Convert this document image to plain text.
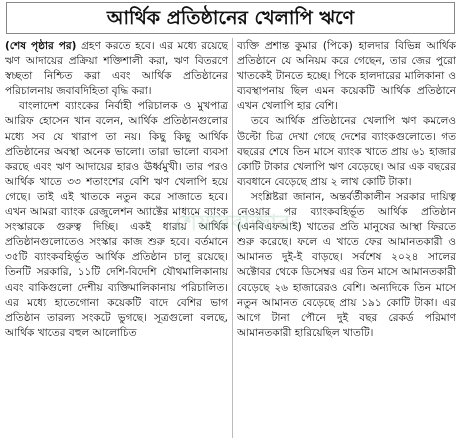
আর্থিক প্রতিষ্ঠানের খেলাপি ঋণে

(শেষ পৃষ্ঠার পর) গ্রহণ করতে হবে। এর মধ্যে রয়েছে ঋণ আদায়ের প্রক্রিয়া শক্তিশালী করা, ঋণ বিতরণে স্বচ্ছতা নিশ্চিত করা এবং আর্থিক প্রতিষ্ঠানের পরিচালনায় জবাবদিহিতা বৃদ্ধি করা।

বাংলাদেশ ব্যাংকের নির্বাহী পরিচালক ও মুখপাত্র আরিফ হোসেন খান বলেন, আর্থিক প্রতিষ্ঠানগুলোর মধ্যে সব যে খারাপ তা নয়। কিছু কিছু আর্থিক প্রতিষ্ঠানের অবস্থা অনেক ভালো। তারা ভালো ব্যবসা করছে এবং ঋণ আদায়ের হারও ঊর্ধ্বমুখী। তার পরও আর্থিক খাতে ৩৩ শতাংশের বেশি ঋণ খেলাপি হয়ে গেছে। তাই এই খাতকে নতুন করে সাজাতে হবে। এখন আমরা ব্যাংক রেজুলেশন অ্যাক্টের মাধ্যমে ব্যাংক সংস্কারকে গুরুত্ব দিচ্ছি। একই ধারায় আর্থিক প্রতিষ্ঠানগুলোতেও সংস্কার কাজ শুরু হবে। বর্তমানে ৩৫টি ব্যাংকবহির্ভূত আর্থিক প্রতিষ্ঠান চালু রয়েছে। তিনটি সরকারি, ১১টি দেশি-বিদেশি যৌথমালিকানায় এবং বাকিগুলো দেশীয় ব্যক্তিমালিকানায় পরিচালিত। এর মধ্যে হাতেগোনা কয়েকটি বাদে বেশির ভাগ প্রতিষ্ঠান তারল্য সংকটে ভুগছে। সূত্রগুলো বলছে, আর্থিক খাতের বহুল আলোচিত

ব্যক্তি প্রশান্ত কুমার (পিকে) হালদার বিভিন্ন আর্থিক প্রতিষ্ঠানে যে অনিয়ম করে গেছেন, তার জের পুরো খাতকেই টানতে হচ্ছে। পিকে হালদারের মালিকানা ও ব্যবস্থাপনায় ছিল এমন কয়েকটি আর্থিক প্রতিষ্ঠানে এখন খেলাপি হার বেশি।

তবে আর্থিক প্রতিষ্ঠানের খেলাপি ঋণ কমলেও উল্টো চিত্র দেখা গেছে দেশের ব্যাংকগুলোতে। গত বছরের শেষে তিন মাসে ব্যাংক খাতে প্রায় ৬১ হাজার কোটি টাকার খেলাপি ঋণ বেড়েছে। আর এক বছরের ব্যবধানে বেড়েছে প্রায় ২ লাখ কোটি টাকা।

সংশ্লিষ্টরা জানান, অন্তর্বর্তীকালীন সরকার দায়িত্ব নেওয়ার পর ব্যাংকবহির্ভূত আর্থিক প্রতিষ্ঠান (এনবিএফআই) খাতের প্রতি মানুষের আস্থা ফিরতে শুরু করেছে। ফলে এ খাতে ফের আমানতকারী ও আমানত দুই-ই বাড়ছে। সর্বশেষ ২০২৪ সালের অক্টোবর থেকে ডিসেম্বর এর তিন মাসে আমানতকারী বেড়েছে ২৬ হাজারেরও বেশি। অন্যদিকে তিন মাসে নতুন আমানত বেড়েছে প্রায় ১৯১ কোটি টাকা। এর আগে টানা পৌনে দুই বছর রেকর্ড পরিমাণ আমানতকারী হারিয়েছিল খাতটি।
